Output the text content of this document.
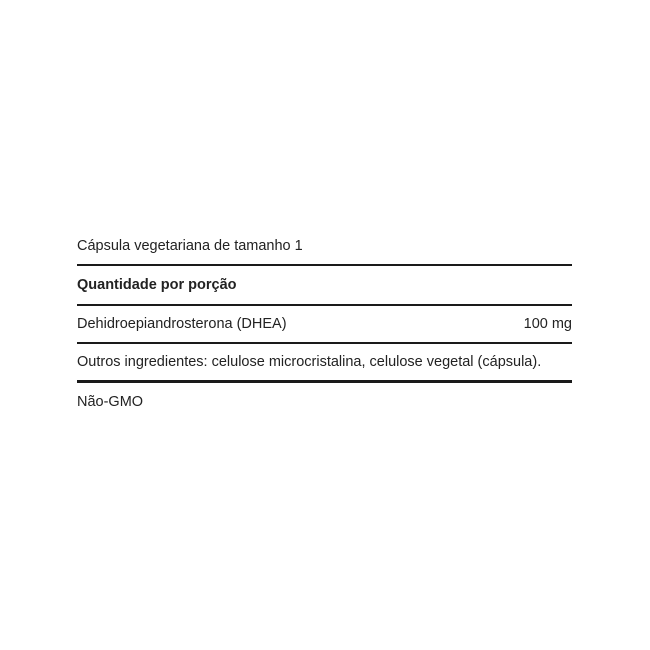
Cápsula vegetariana de tamanho 1
Quantidade por porção
Dehidroepiandrosterona (DHEA)	100 mg
Outros ingredientes: celulose microcristalina, celulose vegetal (cápsula).
Não-GMO
